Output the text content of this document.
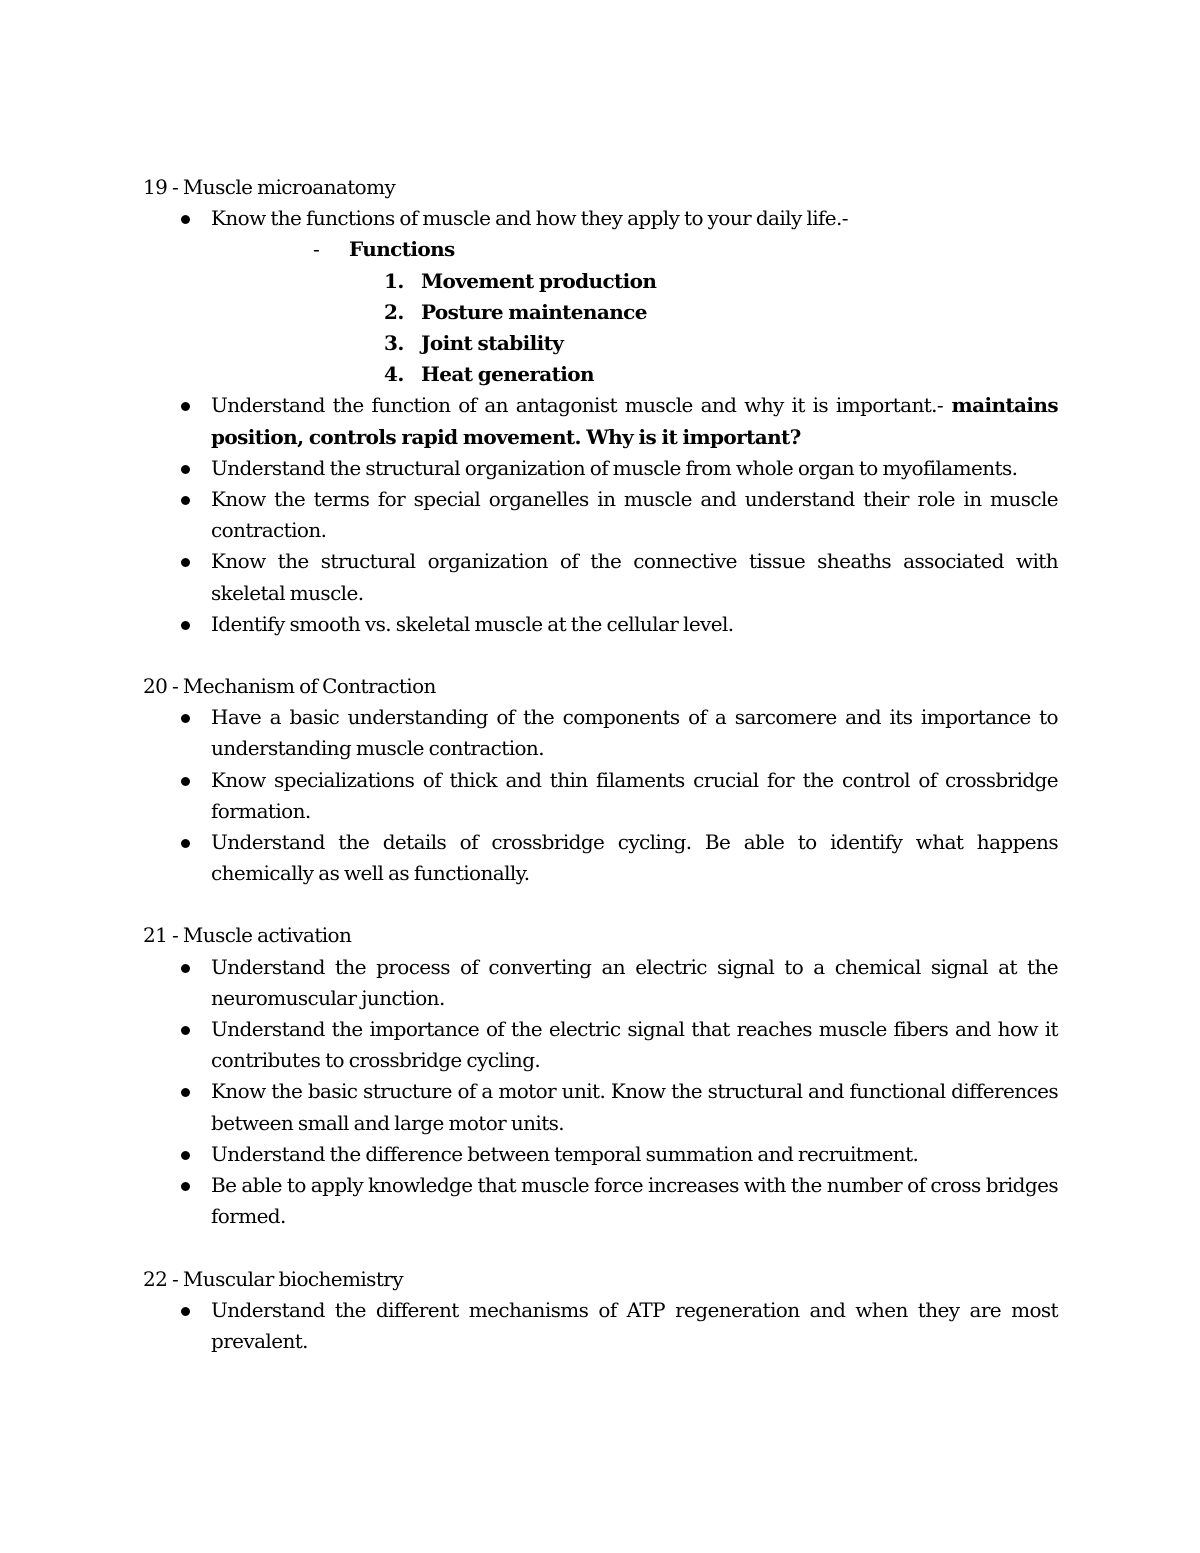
19 - Muscle microanatomy

Know the functions of muscle and how they apply to your daily life.-
- Functions
1. Movement production
2. Posture maintenance
3. Joint stability
4. Heat generation
Understand the function of an antagonist muscle and why it is important.- maintains position, controls rapid movement. Why is it important?
Understand the structural organization of muscle from whole organ to myofilaments.
Know the terms for special organelles in muscle and understand their role in muscle contraction.
Know the structural organization of the connective tissue sheaths associated with skeletal muscle.
Identify smooth vs. skeletal muscle at the cellular level.

20 - Mechanism of Contraction

Have a basic understanding of the components of a sarcomere and its importance to understanding muscle contraction.
Know specializations of thick and thin filaments crucial for the control of crossbridge formation.
Understand the details of crossbridge cycling. Be able to identify what happens chemically as well as functionally.

21 - Muscle activation

Understand the process of converting an electric signal to a chemical signal at the neuromuscular junction.
Understand the importance of the electric signal that reaches muscle fibers and how it contributes to crossbridge cycling.
Know the basic structure of a motor unit. Know the structural and functional differences between small and large motor units.
Understand the difference between temporal summation and recruitment.
Be able to apply knowledge that muscle force increases with the number of cross bridges formed.

22 - Muscular biochemistry

Understand the different mechanisms of ATP regeneration and when they are most prevalent.
